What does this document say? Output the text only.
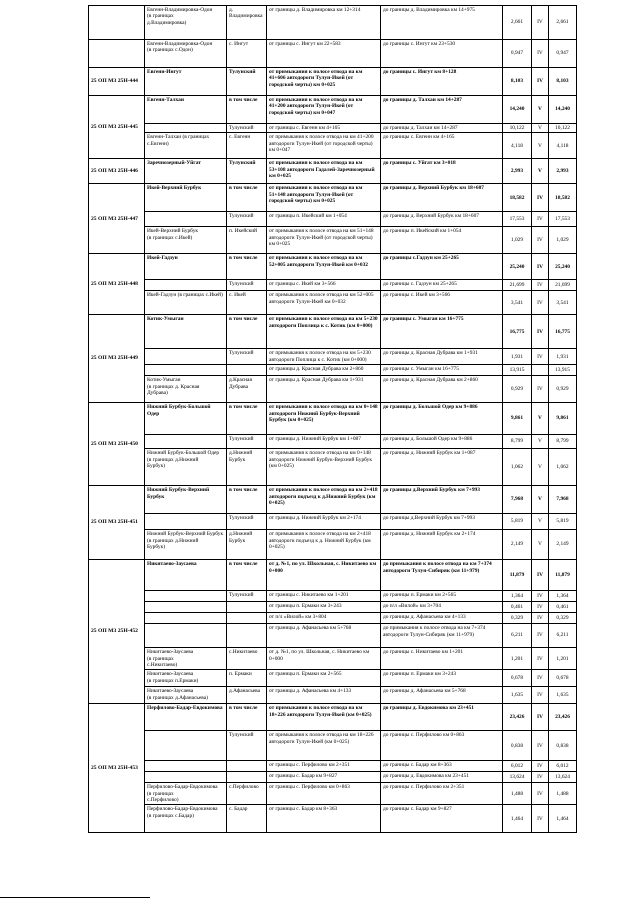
	Евгенн-Владимировка-Одон
(в границах
д.Владимировка)	д. Владимировка	от границы д. Владимировка км 12+314	до границы д. Владимировка км 14+975	2,661	IV	2,661
	Евгенн-Владимировка-Одон
(в границах с.Одон)	с. Ингут	от границы с. Ингут км 22+583	до границы с. Ингут км 23+530	0,947	IV	0,947
25 ОП МЗ 25Н-444	Евгенн-Ингут	Тулунский	от примыкания к полосе отвода на км 41+606 автодороги Тулун-Икей (от городской черты) км 0+025	до границы с. Ингут км 8+128	8,103	IV	8,103
25 ОП МЗ 25Н-445	Евгенн-Талхаи	в том числе	от примыкания к полосе отвода на км 41+200 автодороги Тулун-Икей (от городской черты) км 0+047	до границы д. Талхаи км 14+287	14,240	V	14,240
		Тулунский	от границы с. Евгенн км 4+165	до границы д. Талхаи км 14+287	10,122	V	10,122
	Евгенн-Талхаи (в границах с.Евгенн)	с. Евгенн	от примыкания к полосе отвода на км 41+200 автодороги Тулун-Икей (от городской черты) км 0+047	до границы с. Евгенн км 4+165	4,118	V	4,118
25 ОП МЗ 25Н-446	Заречнозерный-Уйгат	Тулунский	от примыкания к полосе отвода на км 53+108 автодороги Гадалей-Заречнозерный км 0+025	до границы с. Уйгат км 3+018	2,993	V	2,993
25 ОП МЗ 25Н-447	Икей-Верхний Бурбук	в том числе	от примыкания к полосе отвода на км 51+148 автодороги Тулун-Икей (от городской черты) км 0+025	до границы д. Верхний Бурбук км 18+607	18,582	IV	18,582
		Тулунский	от границы п. Икейский км 1+054	до границы д. Верхний Бурбук км 18+607	17,553	IV	17,553
	Икей-Верхний Бурбук
(в границах с.Икей)	п. Икейский	от примыкания к полосе отвода на км 51+148 автодороги Тулун-Икей (от городской черты) км 0+025	до границы п. Икейский км 1+054	1,029	IV	1,029
25 ОП МЗ 25Н-448	Икей-Гадзун	в том числе	от примыкания к полосе отвода на км 52+005 автодороги Тулун-Икей км 0+032	до границы с.Гадзун км 25+265	25,240	IV	25,240
		Тулунский	от границы с. Икей км 3+566	до границы с. Гадзун км 25+265	21,699	IV	21,699
	Икей-Гадзун (в границах с.Икей)	с. Икей	от примыкания к полосе отвода на км 52+005 автодороги Тулун-Икей км 0+032	до границы с. Икей км 3+566	3,541	IV	3,541
25 ОП МЗ 25Н-449	Котик-Умыган	в том числе	от примыкания к полосе отвода на км 5+230 автодороги Поплица к с. Котик (км 0+000)	до границы с. Умыган км 16+775	16,775	IV	16,775
		Тулунский	от примыкания к полосе отвода на км 5+230 автодороги Поплица к с. Котик (км 0+000)	до границы д. Красная Дубрава км 1+931	1,931	IV	1,931
			от границы д. Красная Дубрава км 2+860	до границы с. Умыган км 16+775	13,915		13,915
	Котик-Умыган
(в границах д. Красная
Дубрава)	д.Красная Дубрава	от границы д. Красная Дубрава км 1+931	до границы д. Красная Дубрава км 2+860	0,929	IV	0,929
25 ОП МЗ 25Н-450	Нижний Бурбук-Большой Одер	в том числе	от примыкания к полосе отвода на км 0+148 автодороги Нижний Бурбук-Верхний Бурбук (км 0+025)	до границы д. Большой Одер км 9+886	9,861	V	9,861
		Тулунский	от границы д. Нижний Бурбук км 1+087	до границы д. Большой Одер км 9+886	8,799	V	8,799
	Нижний Бурбук-Большой Одер
(в границах д.Нижний
Бурбук)	д.Нижний Бурбук	от примыкания к полосе отвода на км 0+148 автодороги Нижний Бурбук-Верхний Бурбук (км 0+025)	до границы д. Нижний Бурбук км 1+087	1,062	V	1,062
25 ОП МЗ 25Н-451	Нижний Бурбук-Верхний Бурбук	в том числе	от примыкания к полосе отвода на км 2+418 автодороги подъезд к д.Нижний Бурбук (км 0+025)	до границы д.Верхний Бурбук км 7+993	7,968	V	7,968
		Тулунский	от границы д. Нижний Бурбук км 2+174	до границы д.Верхний Бурбук км 7+993	5,819	V	5,819
	Нижний Бурбук-Верхний Бурбук
(в границах д.Нижний
Бурбук)	д.Нижний Бурбук	от примыкания к полосе отвода на км 2+418 автодороги подъезд к д. Нижний Бурбук (км 0+025)	до границы д. Нижний Бурбук км 2+174	2,149	V	2,149
25 ОП МЗ 25Н-452	Никитаево-Заусаева	в том числе	от д. №1, по ул. Школьная, с. Никитаево км 0+000	до примыкания к полосе отвода на км 7+374 автодороги Тулун-Сибиряк (км 11+979)	11,879	IV	11,879
		Тулунский	от границы с. Никитаево км 1+201	до границы п. Ермаки км 2+565	1,364	IV	1,364
			от границы п. Ермаки км 3+243	до п/л «Вилой» км 3+704	0,461	IV	0,461
			от п/л «Вилой» км 3+804	до границы д. Афанасьева км 4+133	0,329	IV	0,329
			от границы д. Афанасьева км 5+768	до примыкания к полосе отвода на км 7+374 автодороги Тулун-Сибиряк (км 11+979)	6,211	IV	6,211
	Никитаево-Заусаева
(в границах
с.Никитаево)	с.Никитаево	от д. №1, по ул. Школьная, с. Никитаево км 0+000	до границы с. Никитаево км 1+201	1,201	IV	1,201
	Никитаево-Заусаева
(в границах п.Ермаки)	п. Ермаки	от границы п. Ермаки км 2+565	до границы п. Ермаки км 3+243	0,678	IV	0,678
	Никитаево-Заусаева
(в границах д.Афанасьева)	д.Афанасьева	от границы д. Афанасьева км 4+133	до границы д. Афанасьева км 5+768	1,635	IV	1,635
25 ОП МЗ 25Н-453	Перфилово-Бадар-Евдокимова	в том числе	от примыкания к полосе отвода на км 18+226 автодороги Тулун-Икей (км 0+025)	до границы д. Евдокимова км 23+451	23,426	IV	23,426
		Тулунский	от примыкания к полосе отвода на км 18+226 автодороги Тулун-Икей (км 0+025)	до границы с. Перфилово км 0+863	0,838	IV	0,838
			от границы с. Перфилово км 2+351	до границы с. Бадар км 8+363	6,012	IV	6,012
			от границы с. Бадар км 9+827	до границы д. Евдокимова км 23+451	13,624	IV	13,624
	Перфилово-Бадар-Евдокимова
(в границах
с.Перфилово)	с.Перфилово	от границы с. Перфилово км 0+863	до границы с. Перфилово км 2+351	1,488	IV	1,488
	Перфилово-Бадар-Евдокимова
(в границах с.Бадар)	с. Бадар	от границы с. Бадар км 8+363	до границы с. Бадар км 9+827	1,464	IV	1,464
